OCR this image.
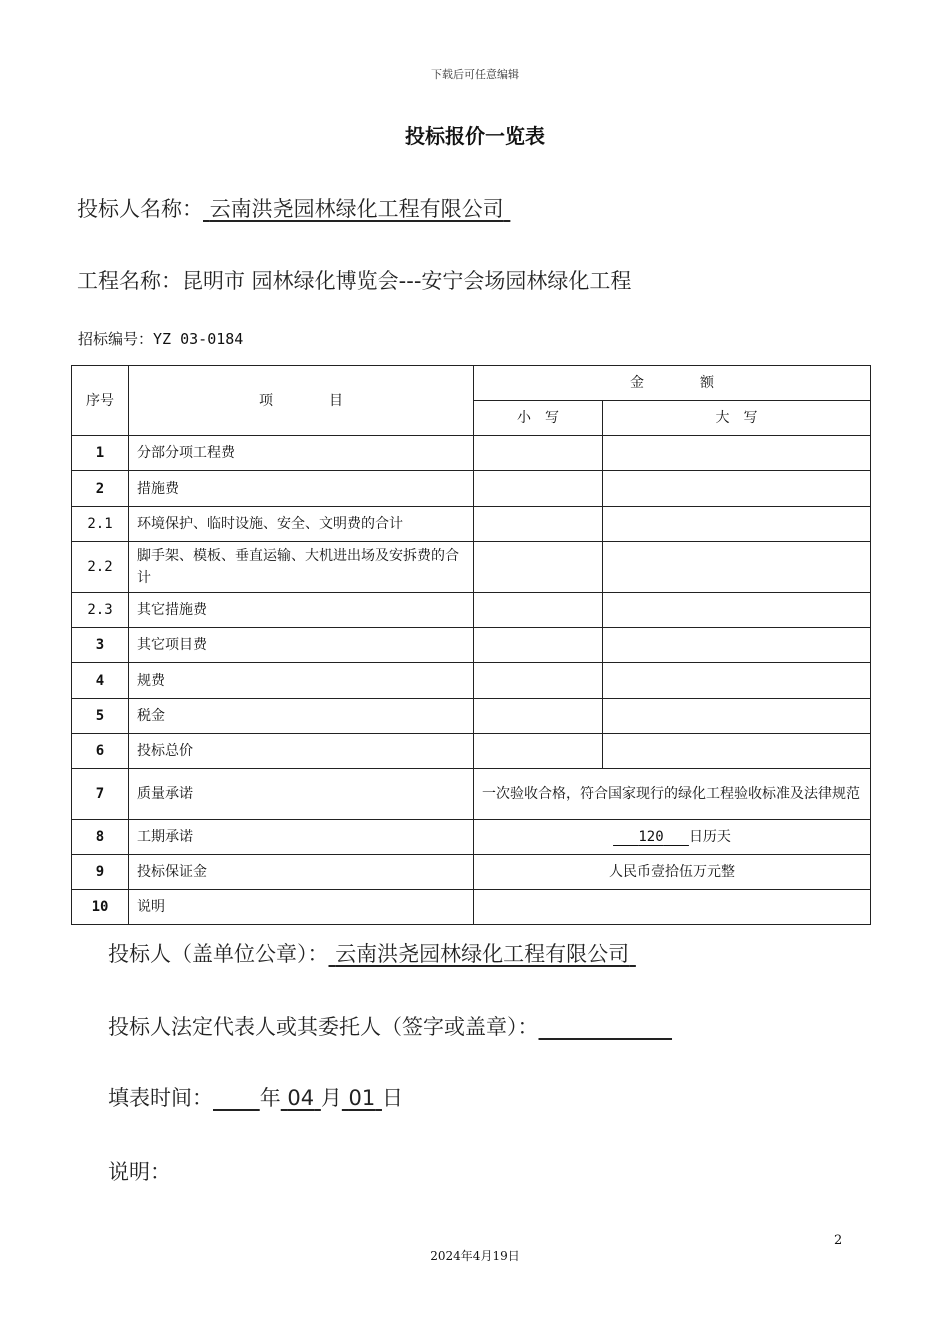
下载后可任意编辑
投标报价一览表
投标人名称： 云南洪尧园林绿化工程有限公司
工程名称：昆明市 园林绿化博览会---安宁会场园林绿化工程
招标编号：YZ 03-0184
序号	项　　　　目	金　　　　额	
		小　写	大　写
1	分部分项工程费		
2	措施费		
2.1	环境保护、临时设施、安全、文明费的合计		
2.2	脚手架、模板、垂直运输、大机进出场及安拆费的合计		
2.3	其它措施费		
3	其它项目费		
4	规费		
5	税金		
6	投标总价		
7	质量承诺	一次验收合格，符合国家现行的绿化工程验收标准及法律规范	
8	工期承诺	120 日历天	
9	投标保证金	人民币壹拾伍万元整	
10	说明		
投标人（盖单位公章）： 云南洪尧园林绿化工程有限公司
投标人法定代表人或其委托人（签字或盖章）：
填表时间： 年 04 月 01 日
说明：
2
2024年4月19日
